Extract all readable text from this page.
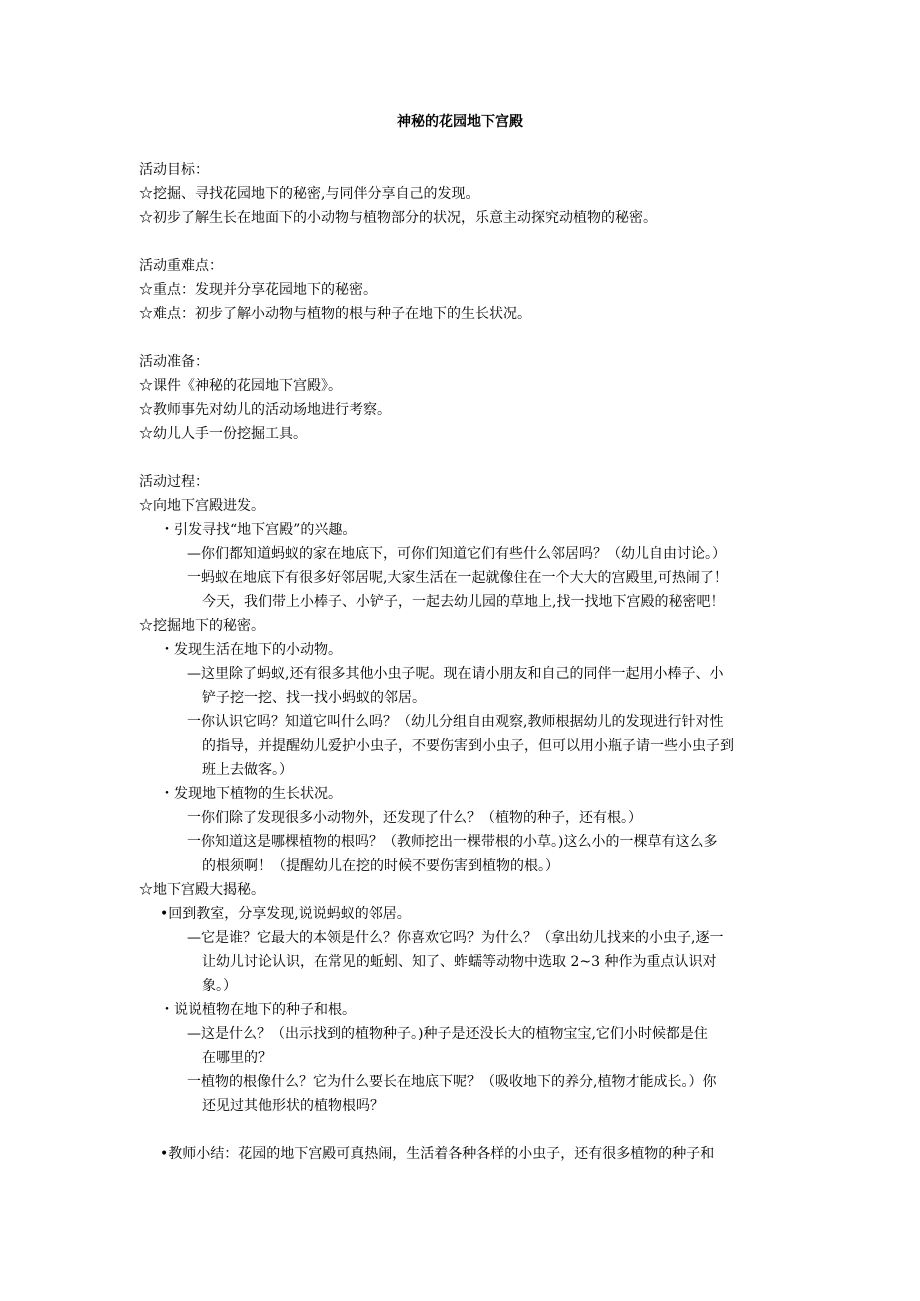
神秘的花园地下宫殿
活动目标：
☆挖掘、寻找花园地下的秘密,与同伴分享自己的发现。
☆初步了解生长在地面下的小动物与植物部分的状况，乐意主动探究动植物的秘密。
活动重难点：
☆重点：发现并分享花园地下的秘密。
☆难点：初步了解小动物与植物的根与种子在地下的生长状况。
活动准备：
☆课件《神秘的花园地下宫殿》。
☆教师事先对幼儿的活动场地进行考察。
☆幼儿人手一份挖掘工具。
活动过程：
☆向地下宫殿进发。
・引发寻找“地下宫殿”的兴趣。
—你们都知道蚂蚁的家在地底下，可你们知道它们有些什么邻居吗？（幼儿自由讨论。）
一蚂蚁在地底下有很多好邻居呢,大家生活在一起就像住在一个大大的宫殿里,可热闹了！
今天，我们带上小棒子、小铲子，一起去幼儿园的草地上,找一找地下宫殿的秘密吧！
☆挖掘地下的秘密。
・发现生活在地下的小动物。
—这里除了蚂蚁,还有很多其他小虫子呢。现在请小朋友和自己的同伴一起用小棒子、小
铲子挖一挖、找一找小蚂蚁的邻居。
一你认识它吗？知道它叫什么吗？（幼儿分组自由观察,教师根据幼儿的发现进行针对性
的指导，并提醒幼儿爱护小虫子，不要伤害到小虫子，但可以用小瓶子请一些小虫子到
班上去做客。）
・发现地下植物的生长状况。
一你们除了发现很多小动物外，还发现了什么？（植物的种子，还有根。）
一你知道这是哪棵植物的根吗？（教师挖出一棵带根的小草。)这么小的一棵草有这么多
的根须啊！（提醒幼儿在挖的时候不要伤害到植物的根。）
☆地下宫殿大揭秘。
•回到教室，分享发现,说说蚂蚁的邻居。
—它是谁？它最大的本领是什么？你喜欢它吗？为什么？（拿出幼儿找来的小虫子,逐一
让幼儿讨论认识，在常见的蚯蚓、知了、蚱蠕等动物中选取 2~3 种作为重点认识对
象。）
・说说植物在地下的种子和根。
—这是什么？（出示找到的植物种子。)种子是还没长大的植物宝宝,它们小时候都是住
在哪里的？
一植物的根像什么？它为什么要长在地底下呢？（吸收地下的养分,植物才能成长。）你
还见过其他形状的植物根吗？
•教师小结：花园的地下宫殿可真热闹，生活着各种各样的小虫子，还有很多植物的种子和
